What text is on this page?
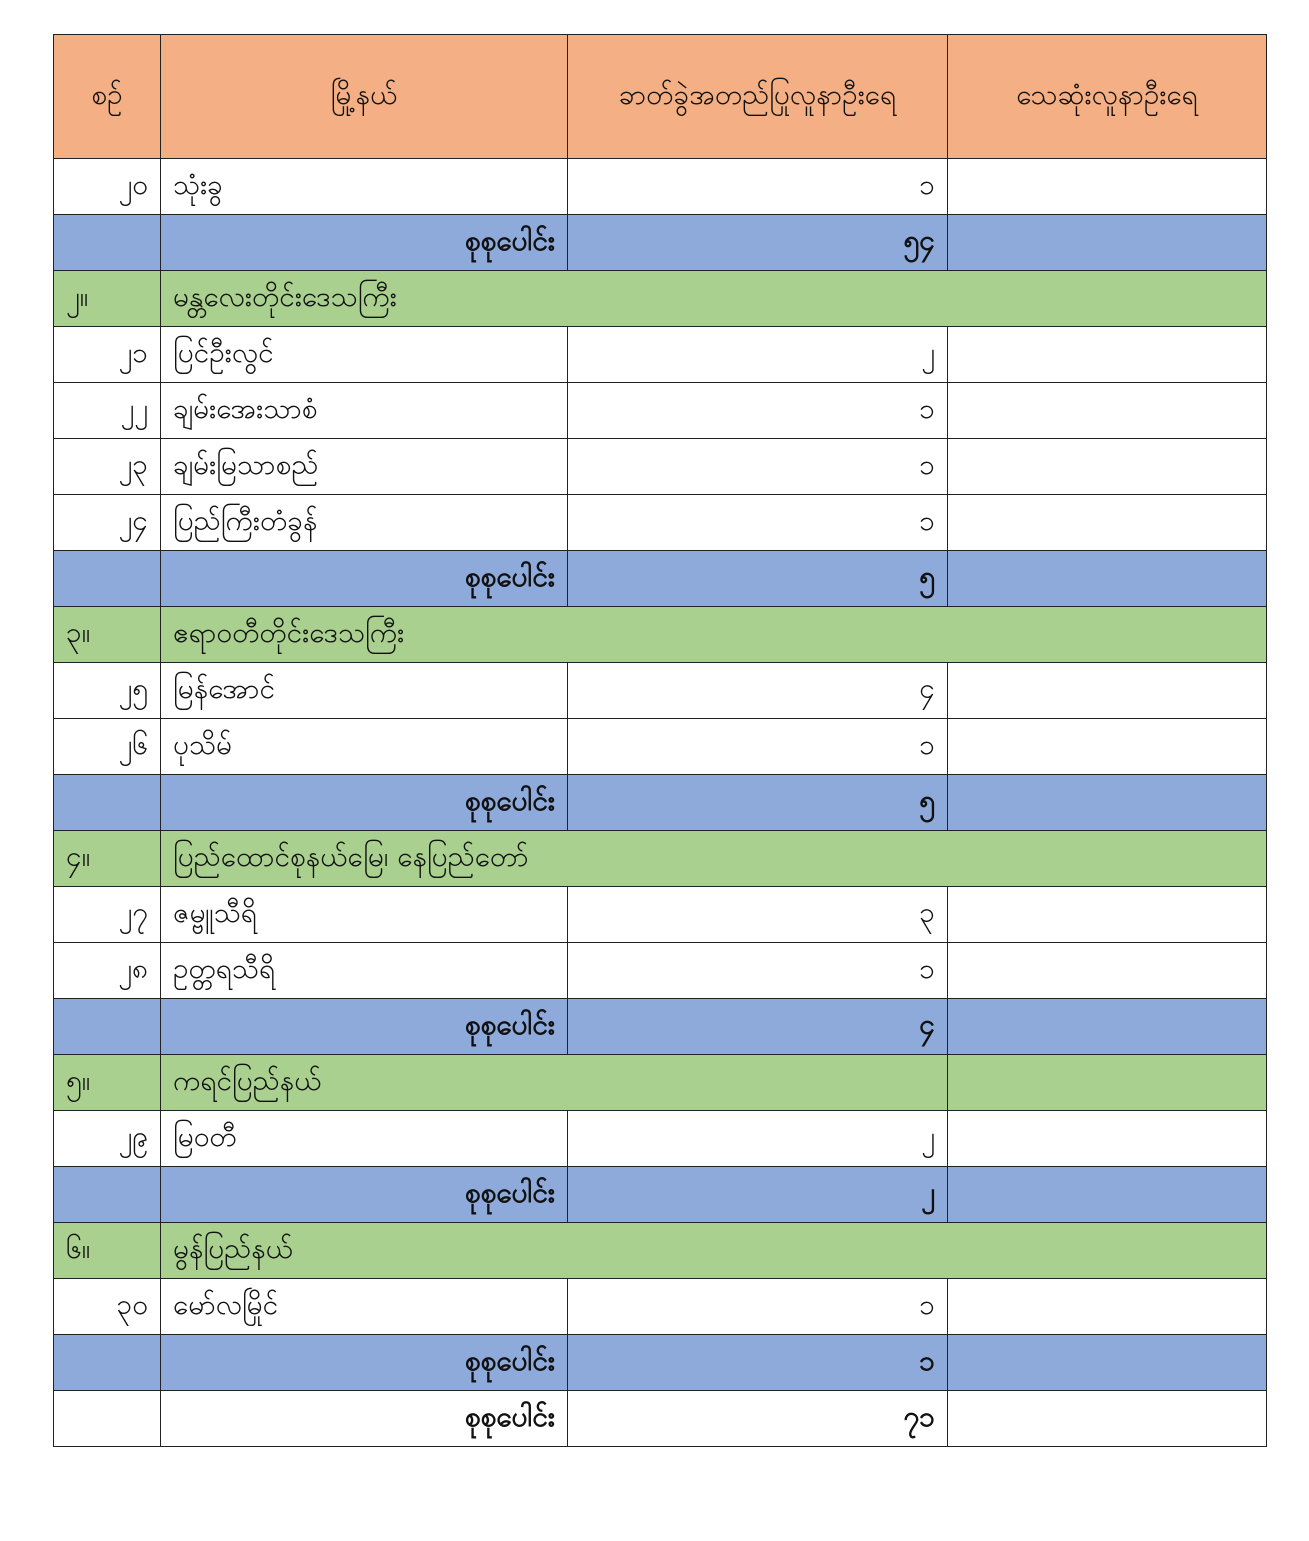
စဉ်	မြို့နယ်	ခာတ်ခွဲအတည်ပြုလူနာဦးရေ	သေဆုံးလူနာဦးရေ
၂၀	သုံးခွ	၁	
	စုစုပေါင်း	၅၄	
၂။	မန္တလေးတိုင်းဒေသကြီး		
၂၁	ပြင်ဦးလွင်	၂	
၂၂	ချမ်းအေးသာစံ	၁	
၂၃	ချမ်းမြသာစည်	၁	
၂၄	ပြည်ကြီးတံခွန်	၁	
	စုစုပေါင်း	၅	
၃။	ဧရာဝတီတိုင်းဒေသကြီး		
၂၅	မြန်အောင်	၄	
၂၆	ပုသိမ်	၁	
	စုစုပေါင်း	၅	
၄။	ပြည်ထောင်စုနယ်မြေ၊ နေပြည်တော်		
၂၇	ဇမ္ဗူသီရိ	၃	
၂၈	ဥတ္တရသီရိ	၁	
	စုစုပေါင်း	၄	
၅။	ကရင်ပြည်နယ်		
၂၉	မြဝတီ	၂	
	စုစုပေါင်း	၂	
၆။	မွန်ပြည်နယ်		
၃၀	မော်လမြိုင်	၁	
	စုစုပေါင်း	၁	
	စုစုပေါင်း	၇၁	
